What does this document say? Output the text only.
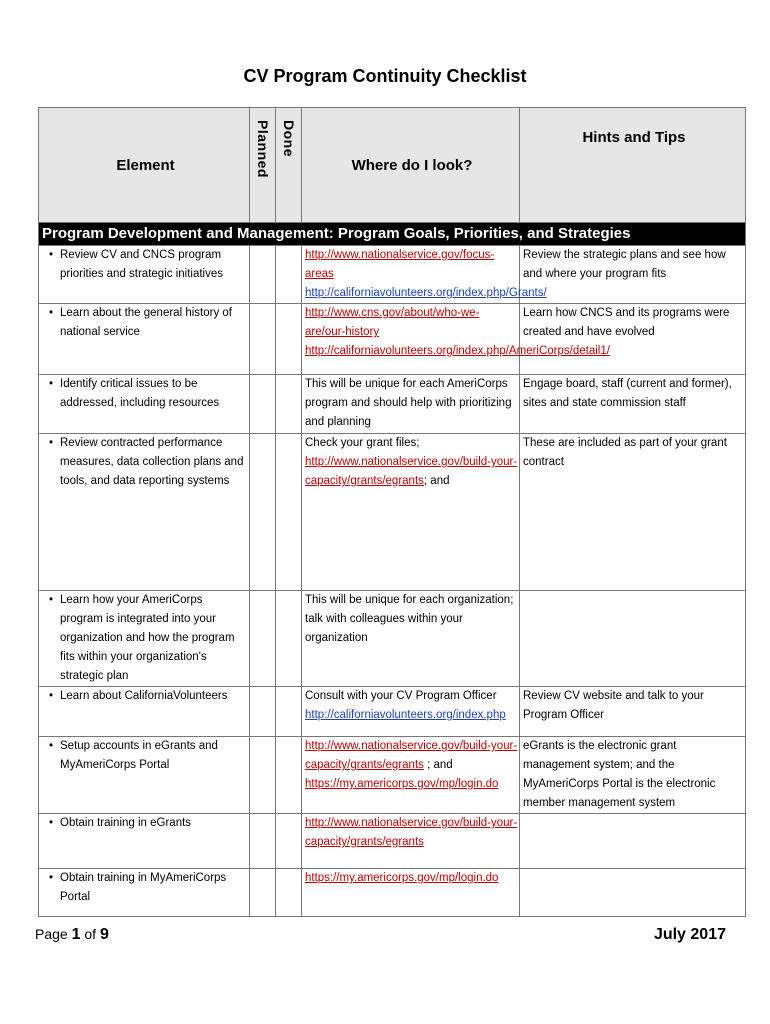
CV Program Continuity Checklist
Element	Planned	Done	Where do I look?	Hints and Tips
Program Development and Management: Program Goals, Priorities, and Strategies				

• Review CV and CNCS program priorities and strategic initiatives			http://www.nationalservice.gov/focus-areas
http://californiavolunteers.org/index.php/Grants/	Review the strategic plans and see how and where your program fits

• Learn about the general history of national service			http://www.cns.gov/about/who-we-are/our-history
http://californiavolunteers.org/index.php/AmeriCorps/detail1/	Learn how CNCS and its programs were created and have evolved

• Identify critical issues to be addressed, including resources			This will be unique for each AmeriCorps program and should help with prioritizing and planning	Engage board, staff (current and former), sites and state commission staff

• Review contracted performance measures, data collection plans and tools, and data reporting systems			Check your grant files;
http://www.nationalservice.gov/build-your-capacity/grants/egrants; and	These are included as part of your grant contract

• Learn how your AmeriCorps program is integrated into your organization and how the program fits within your organization's strategic plan			This will be unique for each organization; talk with colleagues within your organization	

• Learn about CaliforniaVolunteers			Consult with your CV Program Officer
http://californiavolunteers.org/index.php	Review CV website and talk to your Program Officer

• Setup accounts in eGrants and MyAmeriCorps Portal			http://www.nationalservice.gov/build-your-capacity/grants/egrants ; and https://my.americorps.gov/mp/login.do	eGrants is the electronic grant management system; and the MyAmeriCorps Portal is the electronic member management system

• Obtain training in eGrants			http://www.nationalservice.gov/build-your-capacity/grants/egrants	

• Obtain training in MyAmeriCorps Portal			https://my.americorps.gov/mp/login.do	
Page 1 of 9	July 2017
